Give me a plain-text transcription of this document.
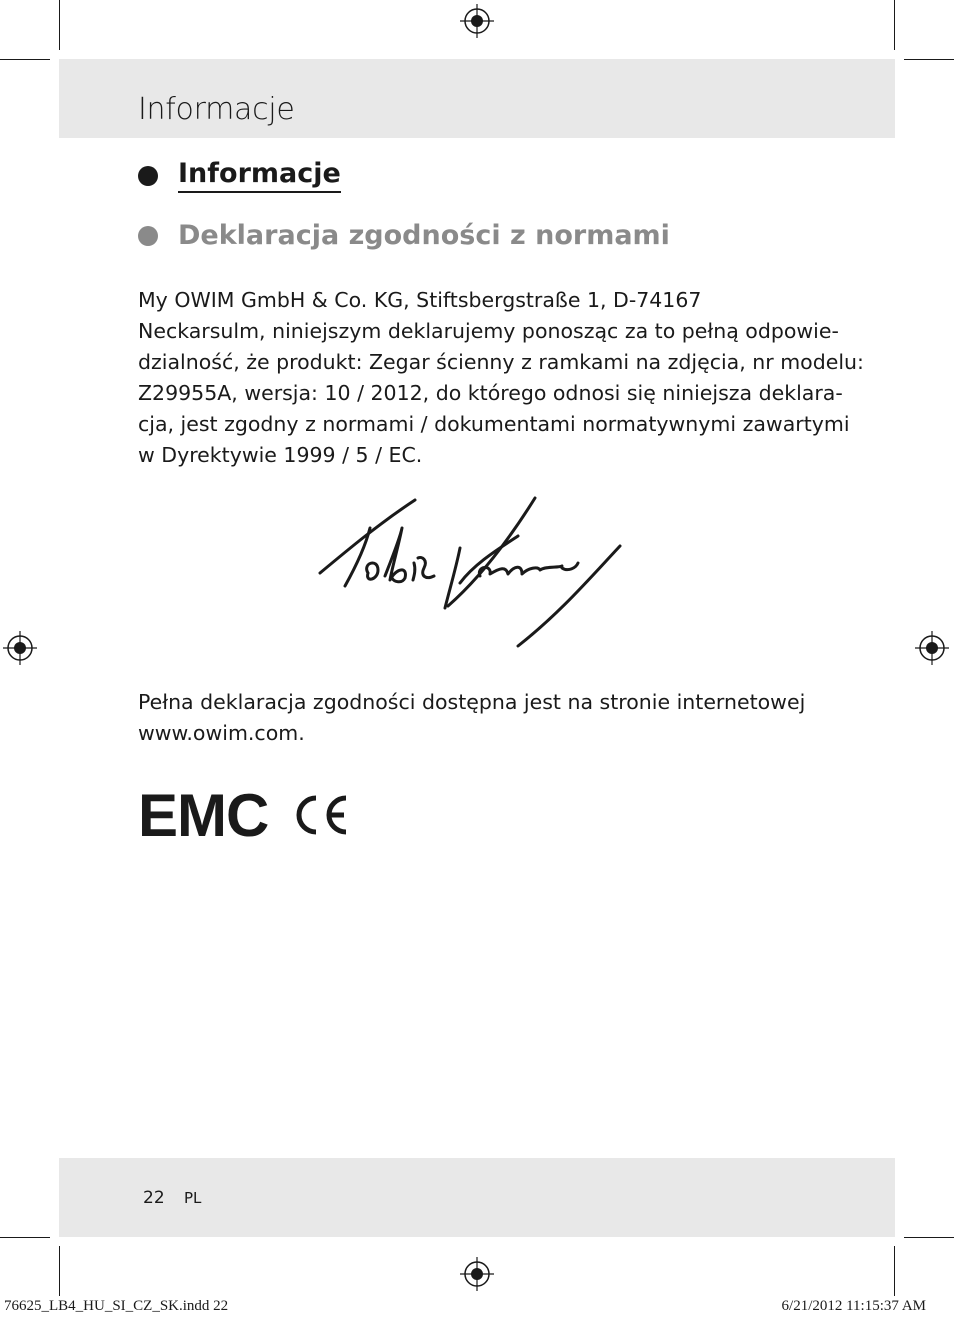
Informacje
Informacje
Deklaracja zgodności z normami

My OWIM GmbH & Co. KG, Stiftsbergstraße 1, D-74167

Neckarsulm, niniejszym deklarujemy ponosząc za to pełną odpowie-

dzialność, że produkt: Zegar ścienny z ramkami na zdjęcia, nr modelu:

Z29955A, wersja: 10 / 2012, do którego odnosi się niniejsza deklara-

cja, jest zgodny z normami / dokumentami normatywnymi zawartymi

w Dyrektywie 1999 / 5 / EC.

Pełna deklaracja zgodności dostępna jest na stronie internetowej

www.owim.com.

EMC
22 PL
76625_LB4_HU_SI_CZ_SK.indd 22	6/21/2012 11:15:37 AM
